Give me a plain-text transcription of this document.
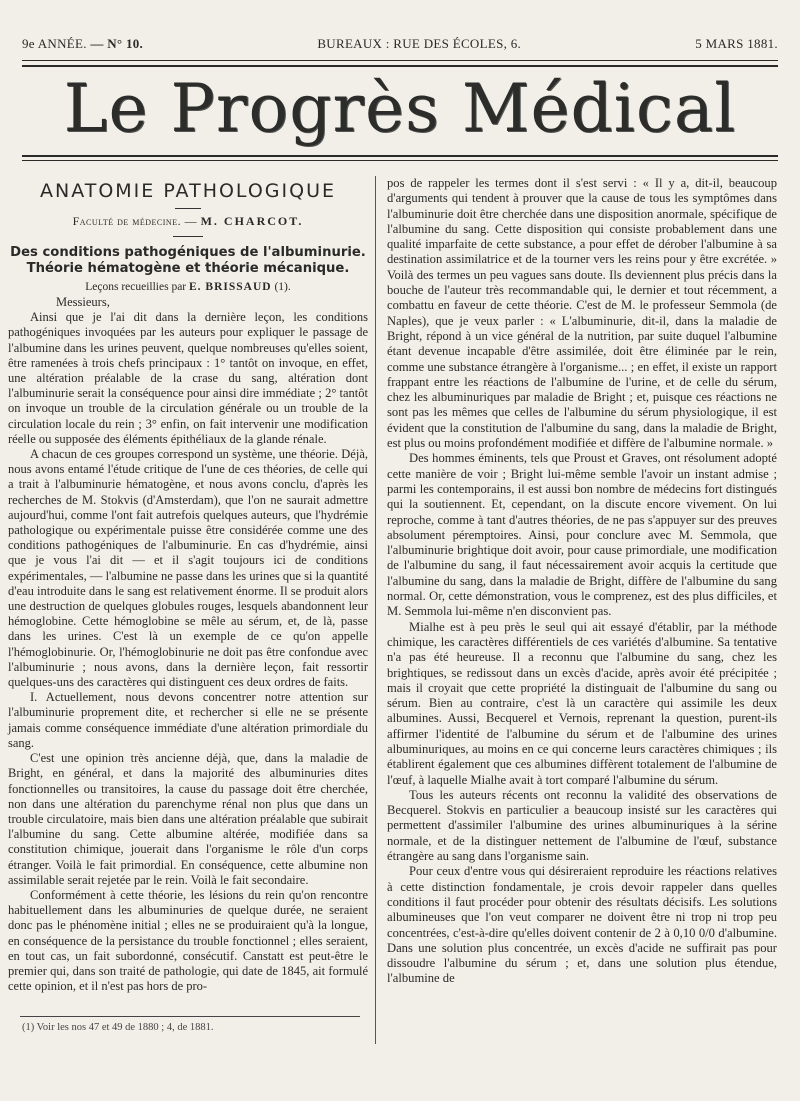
9e ANNÉE. — N° 10.	BUREAUX : RUE DES ÉCOLES, 6.	5 MARS 1881.
Le Progrès Médical
ANATOMIE PATHOLOGIQUE
Faculté de médecine. — M. CHARCOT.
Des conditions pathogéniques de l'albuminurie.
Théorie hématogène et théorie mécanique.
Leçons recueillies par E. BRISSAUD (1).

Messieurs,

Ainsi que je l'ai dit dans la dernière leçon, les conditions pathogéniques invoquées par les auteurs pour expliquer le passage de l'albumine dans les urines peuvent, quelque nombreuses qu'elles soient, être ramenées à trois chefs principaux : 1° tantôt on invoque, en effet, une altération préalable de la crase du sang, altération dont l'albuminurie serait la conséquence pour ainsi dire immédiate ; 2° tantôt on invoque un trouble de la circulation générale ou un trouble de la circulation locale du rein ; 3° enfin, on fait intervenir une modification réelle ou supposée des éléments épithéliaux de la glande rénale.

A chacun de ces groupes correspond un système, une théorie. Déjà, nous avons entamé l'étude critique de l'une de ces théories, de celle qui a trait à l'albuminurie hématogène, et nous avons conclu, d'après les recherches de M. Stokvis (d'Amsterdam), que l'on ne saurait admettre aujourd'hui, comme l'ont fait autrefois quelques auteurs, que l'hydrémie pathologique ou expérimentale puisse être considérée comme une des conditions pathogéniques de l'albuminurie. En cas d'hydrémie, ainsi que je vous l'ai dit — et il s'agit toujours ici de conditions expérimentales, — l'albumine ne passe dans les urines que si la quantité d'eau introduite dans le sang est relativement énorme. Il se produit alors une destruction de quelques globules rouges, lesquels abandonnent leur hémoglobine. Cette hémoglobine se mêle au sérum, et, de là, passe dans les urines. C'est là un exemple de ce qu'on appelle l'hémoglobinurie. Or, l'hémoglobinurie ne doit pas être confondue avec l'albuminurie ; nous avons, dans la dernière leçon, fait ressortir quelques-uns des caractères qui distinguent ces deux ordres de faits.

I. Actuellement, nous devons concentrer notre attention sur l'albuminurie proprement dite, et rechercher si elle ne se présente jamais comme conséquence immédiate d'une altération primordiale du sang.

C'est une opinion très ancienne déjà, que, dans la maladie de Bright, en général, et dans la majorité des albuminuries dites fonctionnelles ou transitoires, la cause du passage doit être cherchée, non dans une altération du parenchyme rénal non plus que dans un trouble circulatoire, mais bien dans une altération préalable que subirait l'albumine du sang. Cette albumine altérée, modifiée dans sa constitution chimique, jouerait dans l'organisme le rôle d'un corps étranger. Voilà le fait primordial. En conséquence, cette albumine non assimilable serait rejetée par le rein. Voilà le fait secondaire.

Conformément à cette théorie, les lésions du rein qu'on rencontre habituellement dans les albuminuries de quelque durée, ne seraient donc pas le phénomène initial ; elles ne se produiraient qu'à la longue, en conséquence de la persistance du trouble fonctionnel ; elles seraient, en tout cas, un fait subordonné, consécutif. Canstatt est peut-être le premier qui, dans son traité de pathologie, qui date de 1845, ait formulé cette opinion, et il n'est pas hors de pro-

pos de rappeler les termes dont il s'est servi : « Il y a, dit-il, beaucoup d'arguments qui tendent à prouver que la cause de tous les symptômes dans l'albuminurie doit être cherchée dans une disposition anormale, spécifique de l'albumine du sang. Cette disposition qui consiste probablement dans une qualité imparfaite de cette substance, a pour effet de dérober l'albumine à sa destination assimilatrice et de la tourner vers les reins pour y être excrétée. » Voilà des termes un peu vagues sans doute. Ils deviennent plus précis dans la bouche de l'auteur très recommandable qui, le dernier et tout récemment, a combattu en faveur de cette théorie. C'est de M. le professeur Semmola (de Naples), que je veux parler : « L'albuminurie, dit-il, dans la maladie de Bright, répond à un vice général de la nutrition, par suite duquel l'albumine étant devenue incapable d'être assimilée, doit être éliminée par le rein, comme une substance étrangère à l'organisme... ; en effet, il existe un rapport frappant entre les réactions de l'albumine de l'urine, et de celle du sérum, chez les albuminuriques par maladie de Bright ; et, puisque ces réactions ne sont pas les mêmes que celles de l'albumine du sérum physiologique, il est évident que la constitution de l'albumine du sang, dans la maladie de Bright, est plus ou moins profondément modifiée et diffère de l'albumine normale. »

Des hommes éminents, tels que Proust et Graves, ont résolument adopté cette manière de voir ; Bright lui-même semble l'avoir un instant admise ; parmi les contemporains, il est aussi bon nombre de médecins fort distingués qui la soutiennent. Et, cependant, on la discute encore vivement. On lui reproche, comme à tant d'autres théories, de ne pas s'appuyer sur des preuves absolument péremptoires. Ainsi, pour conclure avec M. Semmola, que l'albuminurie brightique doit avoir, pour cause primordiale, une modification de l'albumine du sang, il faut nécessairement avoir acquis la certitude que l'albumine du sang, dans la maladie de Bright, diffère de l'albumine du sang normal. Or, cette démonstration, vous le comprenez, est des plus difficiles, et M. Semmola lui-même n'en disconvient pas.

Mialhe est à peu près le seul qui ait essayé d'établir, par la méthode chimique, les caractères différentiels de ces variétés d'albumine. Sa tentative n'a pas été heureuse. Il a reconnu que l'albumine du sang, chez les brightiques, se redissout dans un excès d'acide, après avoir été précipitée ; mais il croyait que cette propriété la distinguait de l'albumine du sang ou sérum. Bien au contraire, c'est là un caractère qui assimile les deux albumines. Aussi, Becquerel et Vernois, reprenant la question, purent-ils affirmer l'identité de l'albumine du sérum et de l'albumine des urines albuminuriques, au moins en ce qui concerne leurs caractères chimiques ; ils établirent également que ces albumines diffèrent totalement de l'albumine de l'œuf, à laquelle Mialhe avait à tort comparé l'albumine du sérum.

Tous les auteurs récents ont reconnu la validité des observations de Becquerel. Stokvis en particulier a beaucoup insisté sur les caractères qui permettent d'assimiler l'albumine des urines albuminuriques à la sérine normale, et de la distinguer nettement de l'albumine de l'œuf, substance étrangère au sang dans l'organisme sain.

Pour ceux d'entre vous qui désireraient reproduire les réactions relatives à cette distinction fondamentale, je crois devoir rappeler dans quelles conditions il faut procéder pour obtenir des résultats décisifs. Les solutions albumineuses que l'on veut comparer ne doivent être ni trop ni trop peu concentrées, c'est-à-dire qu'elles doivent contenir de 2 à 0,10 0/0 d'albumine. Dans une solution plus concentrée, un excès d'acide ne suffirait pas pour dissoudre l'albumine du sérum ; et, dans une solution plus étendue, l'albumine de

(1) Voir les nos 47 et 49 de 1880 ; 4, de 1881.
